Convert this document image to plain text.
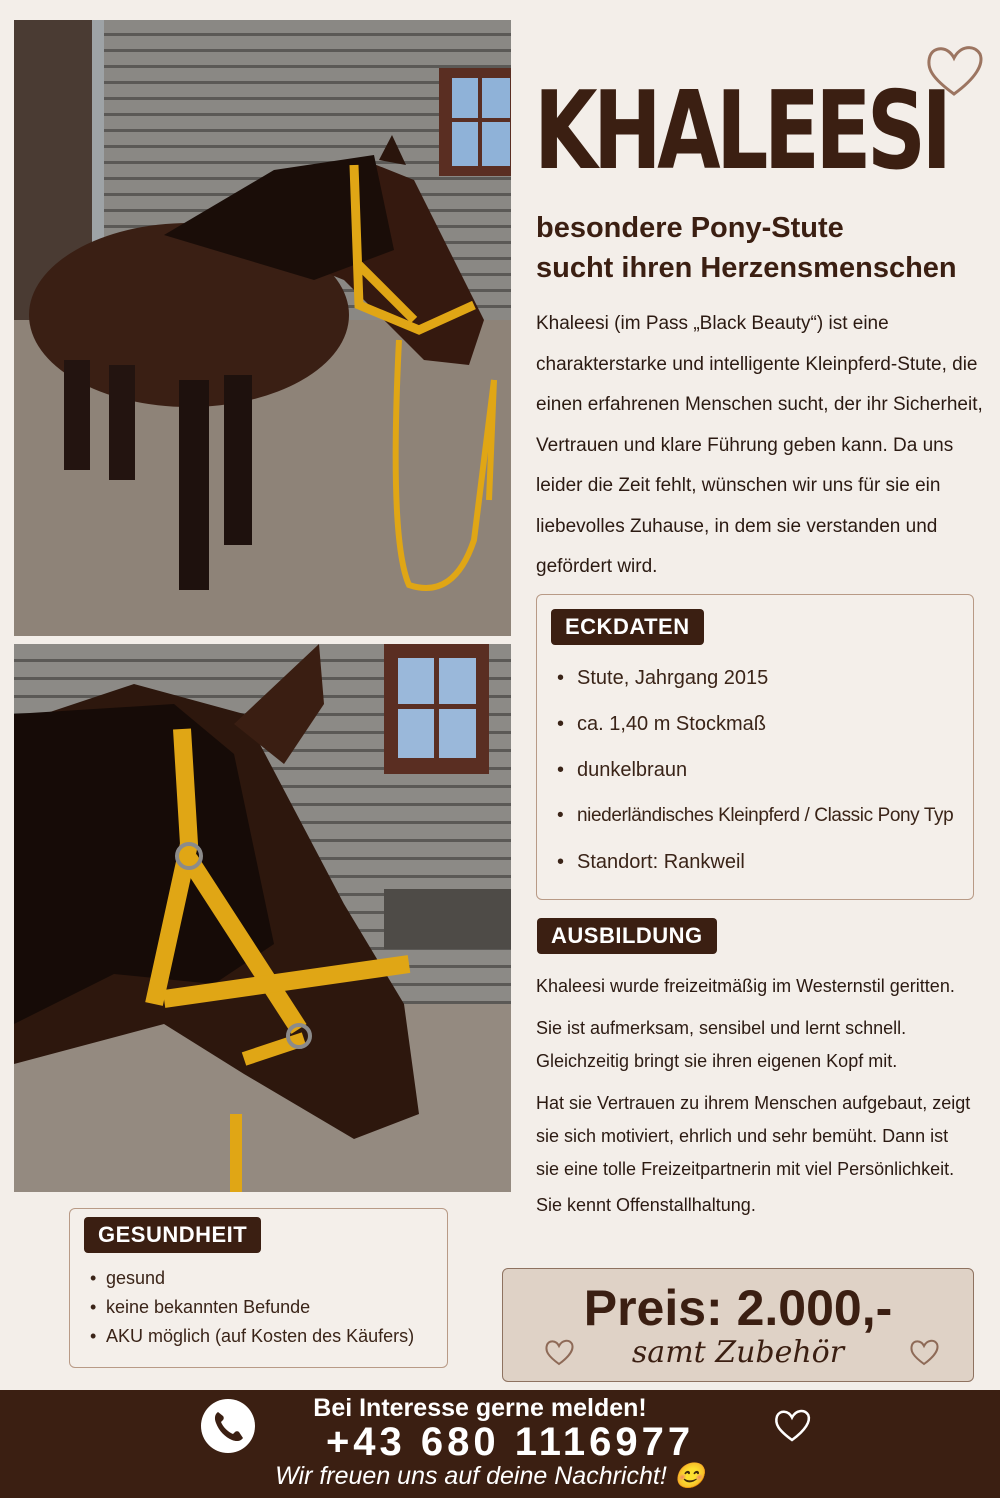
KHALEESI
besondere Pony-Stute
sucht ihren Herzensmenschen
Khaleesi (im Pass „Black Beauty“) ist eine charakterstarke und intelligente Kleinpferd-Stute, die einen erfahrenen Menschen sucht, der ihr Sicherheit, Vertrauen und klare Führung geben kann. Da uns leider die Zeit fehlt, wünschen wir uns für sie ein liebevolles Zuhause, in dem sie verstanden und gefördert wird.
ECKDATEN
• Stute, Jahrgang 2015
• ca. 1,40 m Stockmaß
• dunkelbraun
• niederländisches Kleinpferd / Classic Pony Typ
• Standort: Rankweil
AUSBILDUNG

Khaleesi wurde freizeitmäßig im Westernstil geritten.

Sie ist aufmerksam, sensibel und lernt schnell.

Gleichzeitig bringt sie ihren eigenen Kopf mit.

Hat sie Vertrauen zu ihrem Menschen aufgebaut, zeigt sie sich motiviert, ehrlich und sehr bemüht. Dann ist sie eine tolle Freizeitpartnerin mit viel Persönlichkeit.

Sie kennt Offenstallhaltung.

GESUNDHEIT
• gesund
• keine bekannten Befunde
• AKU möglich (auf Kosten des Käufers)	Preis: 2.000,-
samt Zubehör
Bei Interesse gerne melden!
+43 680 1116977
Wir freuen uns auf deine Nachricht! 😊
